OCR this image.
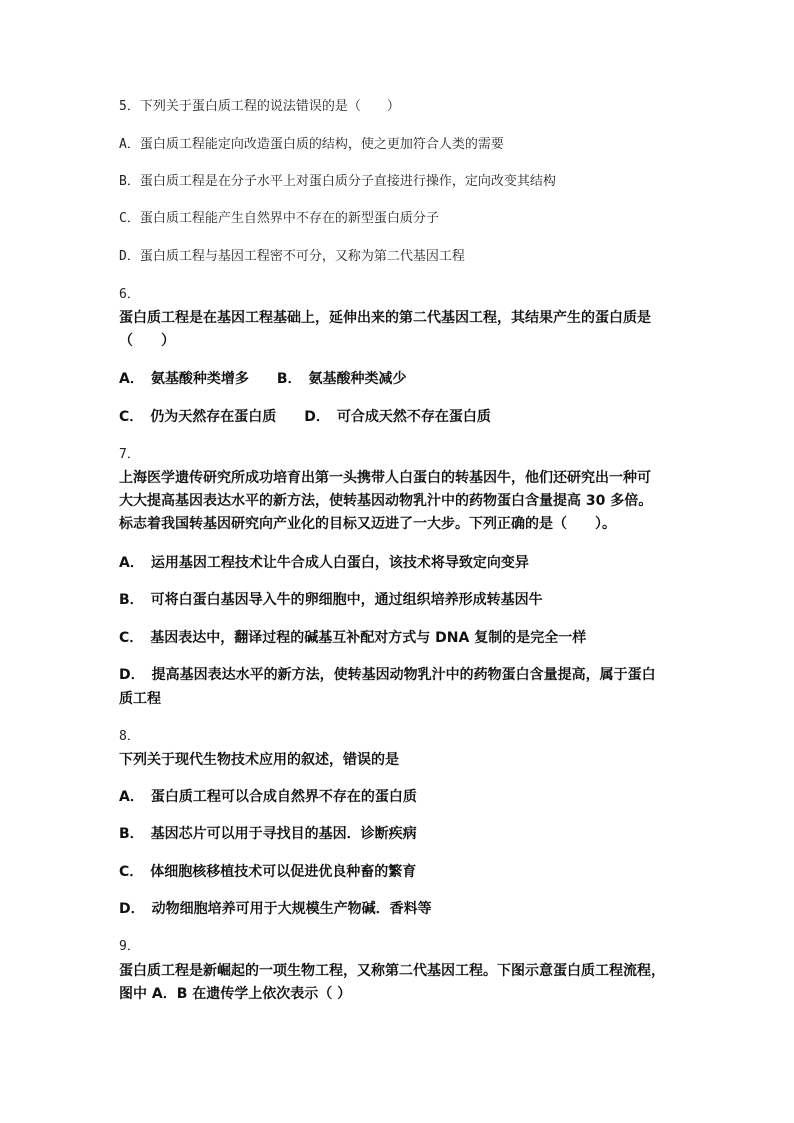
5．下列关于蛋白质工程的说法错误的是（　　）
A．蛋白质工程能定向改造蛋白质的结构，使之更加符合人类的需要
B．蛋白质工程是在分子水平上对蛋白质分子直接进行操作，定向改变其结构
C．蛋白质工程能产生自然界中不存在的新型蛋白质分子
D．蛋白质工程与基因工程密不可分，又称为第二代基因工程
6．
蛋白质工程是在基因工程基础上，延伸出来的第二代基因工程，其结果产生的蛋白质是
（　　）
A．　氨基酸种类增多 B．　氨基酸种类减少
C．　仍为天然存在蛋白质 D．　可合成天然不存在蛋白质
7．
上海医学遗传研究所成功培育出第一头携带人白蛋白的转基因牛，他们还研究出一种可
大大提高基因表达水平的新方法，使转基因动物乳汁中的药物蛋白含量提高 30 多倍。
标志着我国转基因研究向产业化的目标又迈进了一大步。下列正确的是（　　）。
A．　运用基因工程技术让牛合成人白蛋白，该技术将导致定向变异
B．　可将白蛋白基因导入牛的卵细胞中，通过组织培养形成转基因牛
C．　基因表达中，翻译过程的碱基互补配对方式与 DNA 复制的是完全一样
D．　提高基因表达水平的新方法，使转基因动物乳汁中的药物蛋白含量提高，属于蛋白
质工程
8．
下列关于现代生物技术应用的叙述，错误的是
A．　蛋白质工程可以合成自然界不存在的蛋白质
B．　基因芯片可以用于寻找目的基因．诊断疾病
C．　体细胞核移植技术可以促进优良种畜的繁育
D．　动物细胞培养可用于大规模生产物碱．香料等
9．
蛋白质工程是新崛起的一项生物工程，又称第二代基因工程。下图示意蛋白质工程流程，
图中 A．B 在遗传学上依次表示（ ）
